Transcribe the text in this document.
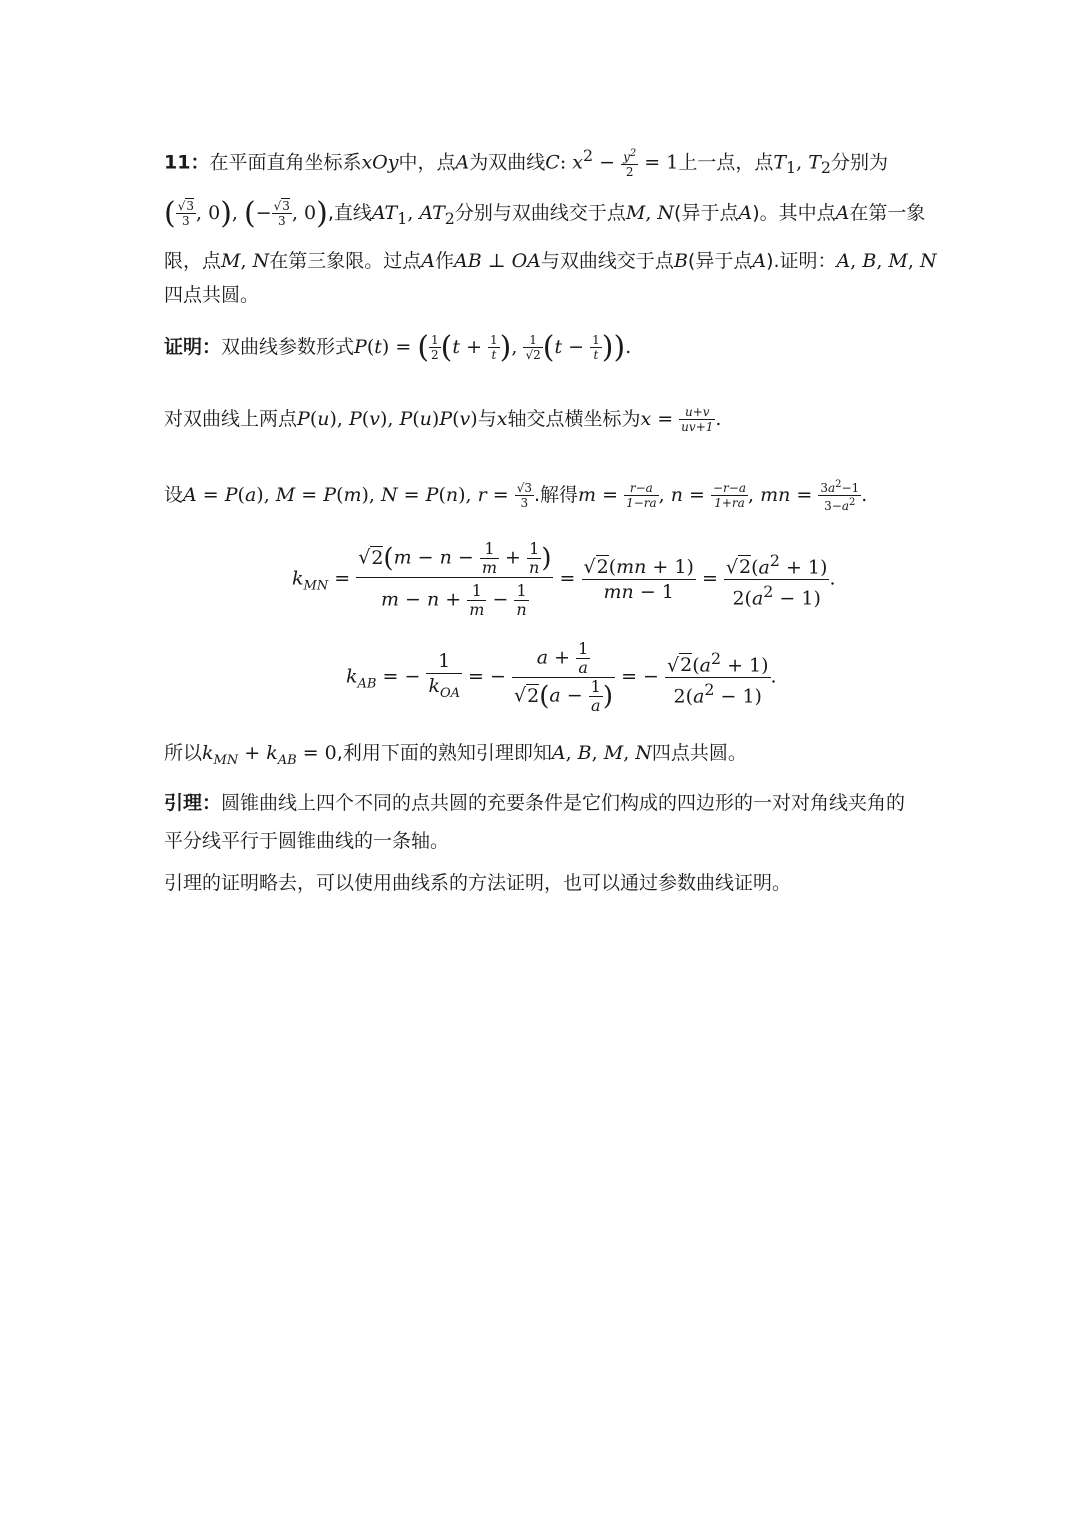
11：在平面直角坐标系xOy中，点A为双曲线C: $x^2 - \frac{y^2}{2} = 1$上一点，点$T_1$, $T_2$分别为
( $\frac{√3}{3}$ , 0), (− $\frac{√3}{3}$ , 0),直线$AT_1$, $AT_2$分别与双曲线交于点M, N(异于点A)。其中点A在第一象
限，点M, N在第三象限。过点A作AB ⊥ OA与双曲线交于点B(异于点A).证明：A, B, M, N
四点共圆。
证明：双曲线参数形式P(t) = ( $\frac{1}{2} (t + \frac{1}{t}$ ), $\frac{1}{√2} (t - \frac{1}{t}$ )).
对双曲线上两点P(u), P(v), P(u)P(v)与x轴交点横坐标为$x = \frac{u+v}{uv+1}$ .
设A = P(a), M = P(m), N = P(n), $r = \frac{√3}{3}$ .解得$m = \frac{r-a}{1-ra}$ , $n = \frac{-r-a}{1+ra}$ , mn = $\frac{3a^2-1}{3-a^2}$ .
$k_{MN} = \frac{√2(m - n - \frac{1}{m} + \frac{1}{n} )}{m - n + \frac{1}{m} - \frac{1}{n}} = \frac{√2(mn + 1)}{mn - 1} = \frac{√2(a^2 + 1)}{2(a^2 - 1)}$ .
$k_{AB}$ = − $\frac{1}{k_{OA}}$ = − $\frac{a + \frac{1}{a}}{√2(a - \frac{1}{a} )}$ = − $\frac{√2(a^2 + 1)}{2(a^2 - 1)}$ .
所以$k_{MN} + k_{AB} = 0$,利用下面的熟知引理即知A, B, M, N四点共圆。

引理：圆锥曲线上四个不同的点共圆的充要条件是它们构成的四边形的一对对角线夹角的平分线平行于圆锥曲线的一条轴。

引理的证明略去，可以使用曲线系的方法证明，也可以通过参数曲线证明。
